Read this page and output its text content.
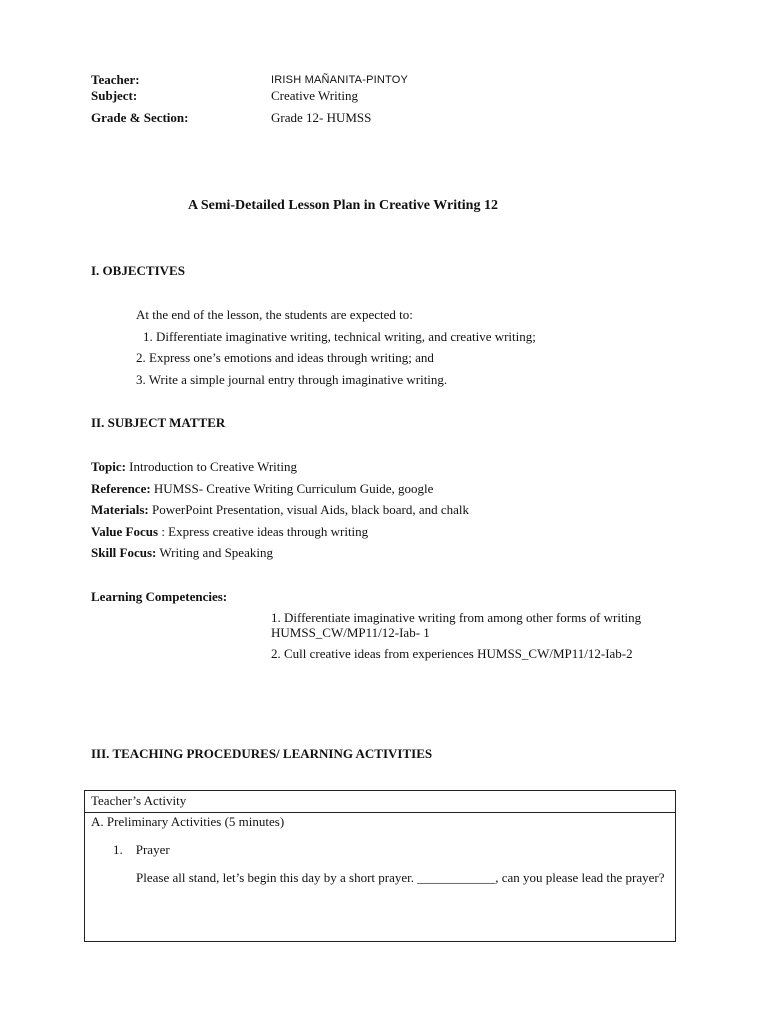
Teacher:	IRISH MAÑANITA-PINTOY
Subject:	Creative Writing
Grade & Section:	Grade 12- HUMSS
A Semi-Detailed Lesson Plan in Creative Writing 12
I. OBJECTIVES
At the end of the lesson, the students are expected to:
1. Differentiate imaginative writing, technical writing, and creative writing;
2. Express one’s emotions and ideas through writing; and
3. Write a simple journal entry through imaginative writing.
II. SUBJECT MATTER
Topic: Introduction to Creative Writing
Reference: HUMSS- Creative Writing Curriculum Guide, google
Materials: PowerPoint Presentation, visual Aids, black board, and chalk
Value Focus : Express creative ideas through writing
Skill Focus: Writing and Speaking
Learning Competencies:
1. Differentiate imaginative writing from among other forms of writing HUMSS_CW/MP11/12-Iab- 1
2. Cull creative ideas from experiences HUMSS_CW/MP11/12-Iab-2
III. TEACHING PROCEDURES/ LEARNING ACTIVITIES
Teacher’s Activity
A. Preliminary Activities (5 minutes)
1.    Prayer
Please all stand, let’s begin this day by a short prayer. ____________, can you please lead the prayer?
